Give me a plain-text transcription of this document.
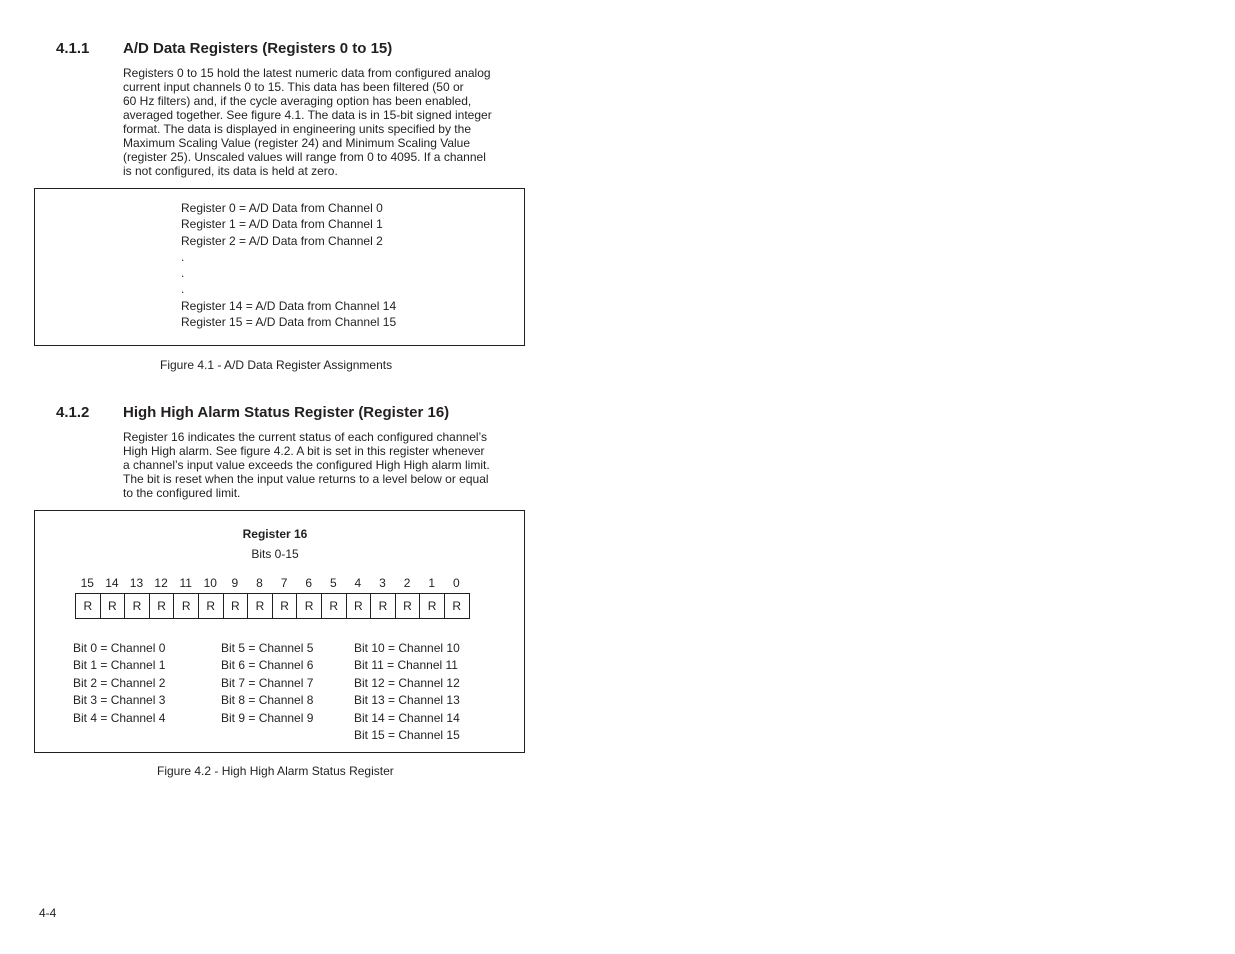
4.1.1 A/D Data Registers (Registers 0 to 15)
Registers 0 to 15 hold the latest numeric data from configured analog
current input channels 0 to 15. This data has been filtered (50 or
60 Hz filters) and, if the cycle averaging option has been enabled,
averaged together. See figure 4.1. The data is in 15-bit signed integer
format. The data is displayed in engineering units specified by the
Maximum Scaling Value (register 24) and Minimum Scaling Value
(register 25). Unscaled values will range from 0 to 4095. If a channel
is not configured, its data is held at zero.
Register 0 = A/D Data from Channel 0
Register 1 = A/D Data from Channel 1
Register 2 = A/D Data from Channel 2
.
.
.
Register 14 = A/D Data from Channel 14
Register 15 = A/D Data from Channel 15
Figure 4.1 - A/D Data Register Assignments
4.1.2 High High Alarm Status Register (Register 16)
Register 16 indicates the current status of each configured channel’s
High High alarm. See figure 4.2. A bit is set in this register whenever
a channel’s input value exceeds the configured High High alarm limit.
The bit is reset when the input value returns to a level below or equal
to the configured limit.
Register 16
Bits 0-15
15 14 13 12 11 10	9	8	7	6	5	4	3	2	1	0
R	R	R	R	R	R	R	R	R	R	R	R	R	R	R	R
Bit 0 = Channel 0
Bit 1 = Channel 1
Bit 2 = Channel 2
Bit 3 = Channel 3
Bit 4 = Channel 4
Bit 5 = Channel 5
Bit 6 = Channel 6
Bit 7 = Channel 7
Bit 8 = Channel 8
Bit 9 = Channel 9
Bit 10 = Channel 10
Bit 11 = Channel 11
Bit 12 = Channel 12
Bit 13 = Channel 13
Bit 14 = Channel 14
Bit 15 = Channel 15
Figure 4.2 - High High Alarm Status Register
4-4
